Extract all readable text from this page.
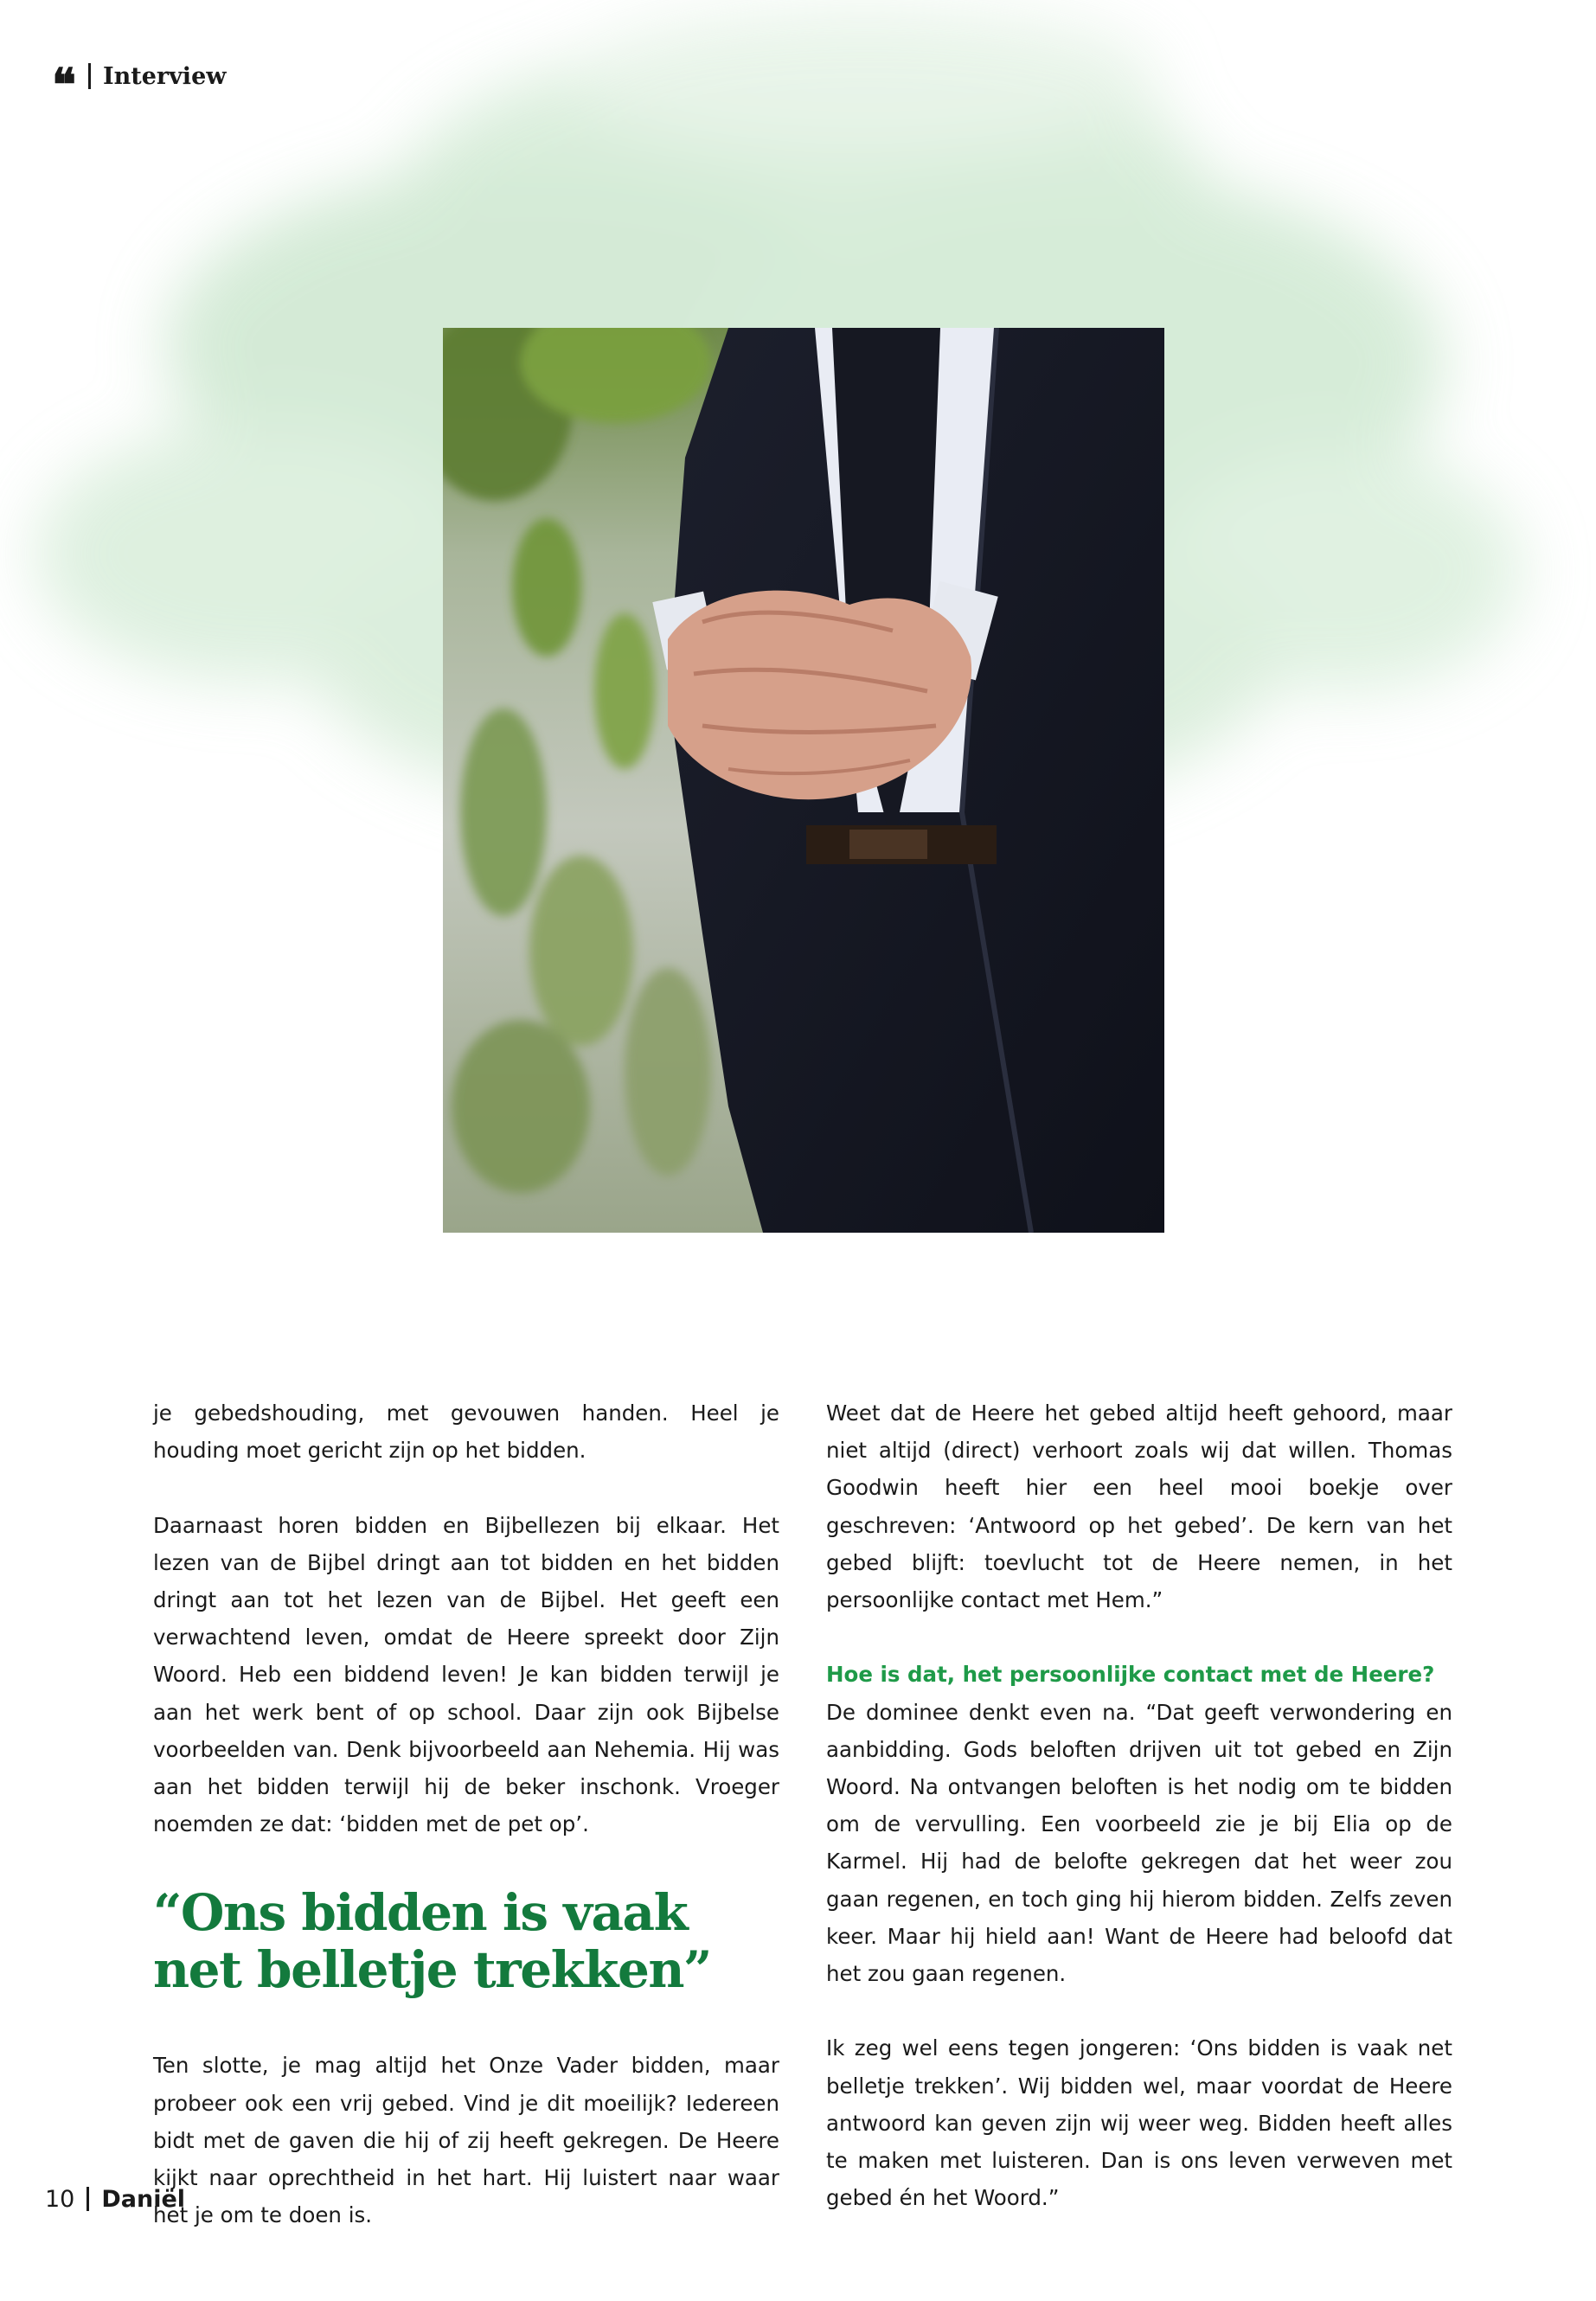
❝ Interview

je gebedshouding, met gevouwen handen. Heel je houding moet gericht zijn op het bidden.

Daarnaast horen bidden en Bijbellezen bij elkaar. Het lezen van de Bijbel dringt aan tot bidden en het bidden dringt aan tot het lezen van de Bijbel. Het geeft een verwachtend leven, omdat de Heere spreekt door Zijn Woord. Heb een biddend leven! Je kan bidden terwijl je aan het werk bent of op school. Daar zijn ook Bijbelse voorbeelden van. Denk bijvoorbeeld aan Nehemia. Hij was aan het bidden terwijl hij de beker inschonk. Vroeger noemden ze dat: ‘bidden met de pet op’.

“Ons bidden is vaak net belletje trekken”

Ten slotte, je mag altijd het Onze Vader bidden, maar probeer ook een vrij gebed. Vind je dit moeilijk? Iedereen bidt met de gaven die hij of zij heeft gekregen. De Heere kijkt naar oprechtheid in het hart. Hij luistert naar waar het je om te doen is.

Weet dat de Heere het gebed altijd heeft gehoord, maar niet altijd (direct) verhoort zoals wij dat willen. Thomas Goodwin heeft hier een heel mooi boekje over geschreven: ‘Antwoord op het gebed’. De kern van het gebed blijft: toevlucht tot de Heere nemen, in het persoonlijke contact met Hem.”

Hoe is dat, het persoonlijke contact met de Heere?
De dominee denkt even na. “Dat geeft verwondering en aanbidding. Gods beloften drijven uit tot gebed en Zijn Woord. Na ontvangen beloften is het nodig om te bidden om de vervulling. Een voorbeeld zie je bij Elia op de Karmel. Hij had de belofte gekregen dat het weer zou gaan regenen, en toch ging hij hierom bidden. Zelfs zeven keer. Maar hij hield aan! Want de Heere had beloofd dat het zou gaan regenen.

Ik zeg wel eens tegen jongeren: ‘Ons bidden is vaak net belletje trekken’. Wij bidden wel, maar voordat de Heere antwoord kan geven zijn wij weer weg. Bidden heeft alles te maken met luisteren. Dan is ons leven verweven met gebed én het Woord.”

10 Daniël
